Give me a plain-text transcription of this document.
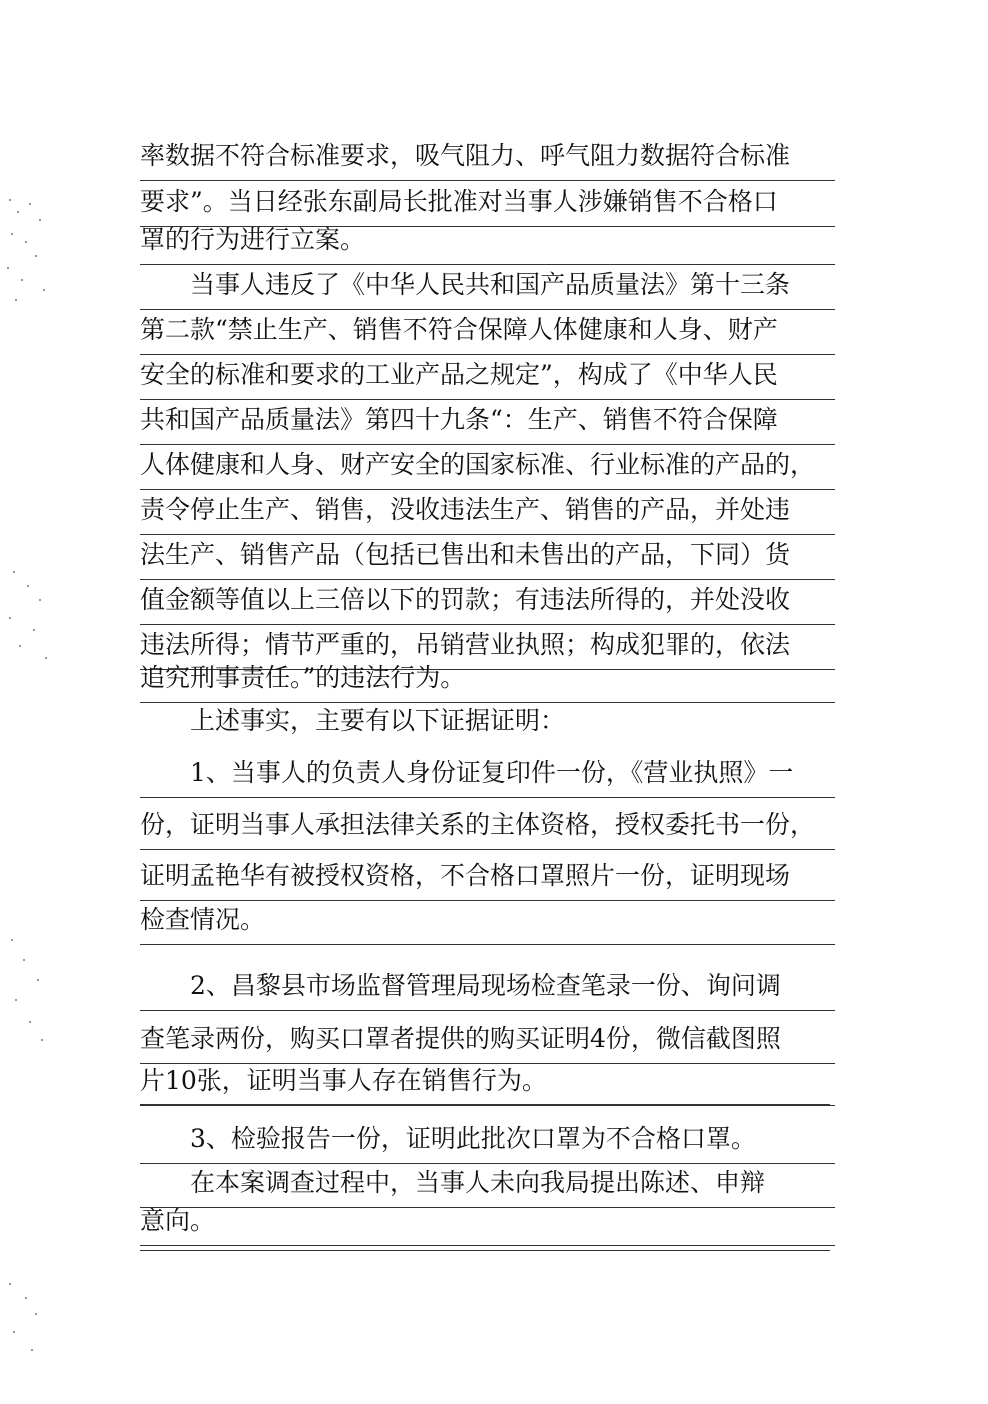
率数据不符合标准要求，吸气阻力、呼气阻力数据符合标准
要求”。当日经张东副局长批准对当事人涉嫌销售不合格口
罩的行为进行立案。
　　当事人违反了《中华人民共和国产品质量法》第十三条
第二款“禁止生产、销售不符合保障人体健康和人身、财产
安全的标准和要求的工业产品之规定”，构成了《中华人民
共和国产品质量法》第四十九条“：生产、销售不符合保障
人体健康和人身、财产安全的国家标准、行业标准的产品的，
责令停止生产、销售，没收违法生产、销售的产品，并处违
法生产、销售产品（包括已售出和未售出的产品，下同）货
值金额等值以上三倍以下的罚款；有违法所得的，并处没收
违法所得；情节严重的，吊销营业执照；构成犯罪的，依法
追究刑事责任。”的违法行为。
　　上述事实，主要有以下证据证明：
　　1、当事人的负责人身份证复印件一份，《营业执照》一
份，证明当事人承担法律关系的主体资格，授权委托书一份，
证明孟艳华有被授权资格，不合格口罩照片一份，证明现场
检查情况。
　　2、昌黎县市场监督管理局现场检查笔录一份、询问调
查笔录两份，购买口罩者提供的购买证明4份，微信截图照
片10张，证明当事人存在销售行为。
　　3、检验报告一份，证明此批次口罩为不合格口罩。
　　在本案调查过程中，当事人未向我局提出陈述、申辩
意向。
